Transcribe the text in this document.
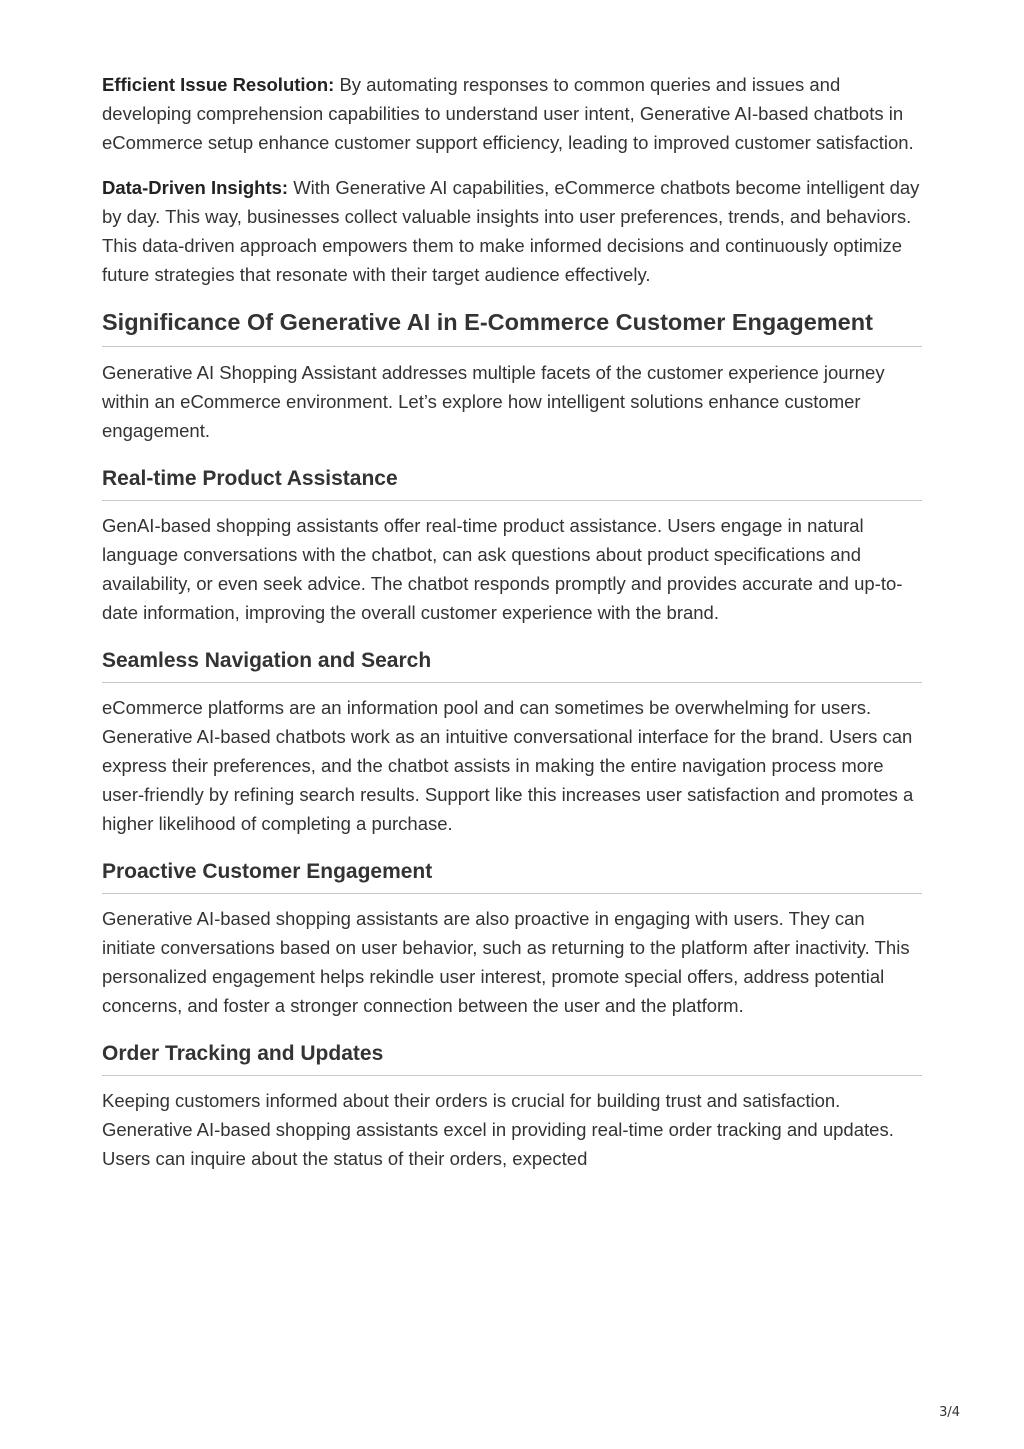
Efficient Issue Resolution: By automating responses to common queries and issues and developing comprehension capabilities to understand user intent, Generative AI-based chatbots in eCommerce setup enhance customer support efficiency, leading to improved customer satisfaction.

Data-Driven Insights: With Generative AI capabilities, eCommerce chatbots become intelligent day by day. This way, businesses collect valuable insights into user preferences, trends, and behaviors. This data-driven approach empowers them to make informed decisions and continuously optimize future strategies that resonate with their target audience effectively.

Significance Of Generative AI in E-Commerce Customer Engagement

Generative AI Shopping Assistant addresses multiple facets of the customer experience journey within an eCommerce environment. Let’s explore how intelligent solutions enhance customer engagement.

Real-time Product Assistance

GenAI-based shopping assistants offer real-time product assistance. Users engage in natural language conversations with the chatbot, can ask questions about product specifications and availability, or even seek advice. The chatbot responds promptly and provides accurate and up-to-date information, improving the overall customer experience with the brand.

Seamless Navigation and Search

eCommerce platforms are an information pool and can sometimes be overwhelming for users. Generative AI-based chatbots work as an intuitive conversational interface for the brand. Users can express their preferences, and the chatbot assists in making the entire navigation process more user-friendly by refining search results. Support like this increases user satisfaction and promotes a higher likelihood of completing a purchase.

Proactive Customer Engagement

Generative AI-based shopping assistants are also proactive in engaging with users. They can initiate conversations based on user behavior, such as returning to the platform after inactivity. This personalized engagement helps rekindle user interest, promote special offers, address potential concerns, and foster a stronger connection between the user and the platform.

Order Tracking and Updates

Keeping customers informed about their orders is crucial for building trust and satisfaction. Generative AI-based shopping assistants excel in providing real-time order tracking and updates. Users can inquire about the status of their orders, expected

3/4
